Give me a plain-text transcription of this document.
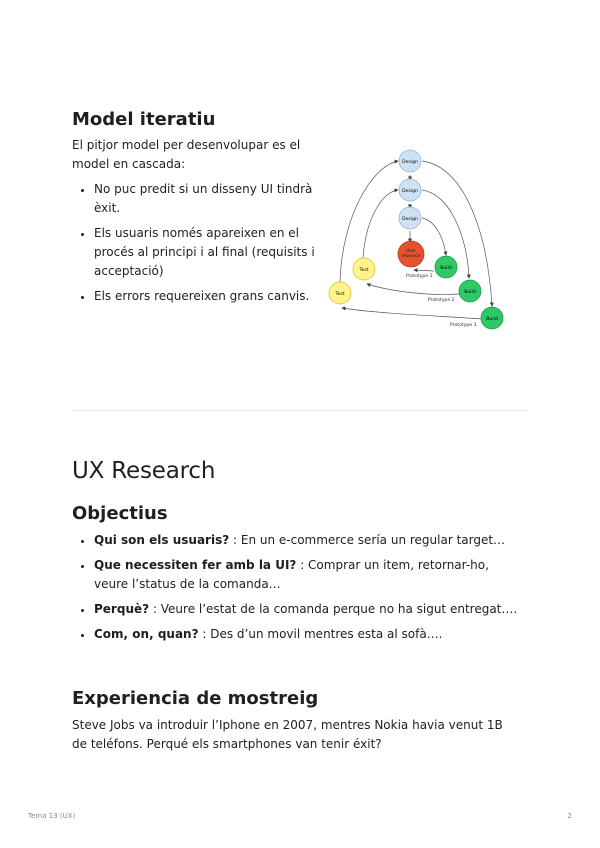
Model iteratiu

El pitjor model per desenvolupar es el model en cascada:

• No puc predit si un disseny UI tindrà èxit.
• Els usuaris només apareixen en el procés al principi i al final (requisits i acceptació)
• Els errors requereixen grans canvis.
Design
Design
Design
User
research
Test
Test
Build
Build
Build
Prototype 1
Prototype 2
Prototype 3
UX Research
Objectius
• Qui son els usuaris? : En un e-commerce sería un regular target…
• Que necessiten fer amb la UI? : Comprar un item, retornar-ho, veure l’status de la comanda…
• Perquè? : Veure l’estat de la comanda perque no ha sigut entregat….
• Com, on, quan? : Des d’un movil mentres esta al sofà….
Experiencia de mostreig

Steve Jobs va introduir l’Iphone en 2007, mentres Nokia havia venut 1B de teléfons. Perqué els smartphones van tenir éxit?

Tema 13 (UX)	2
